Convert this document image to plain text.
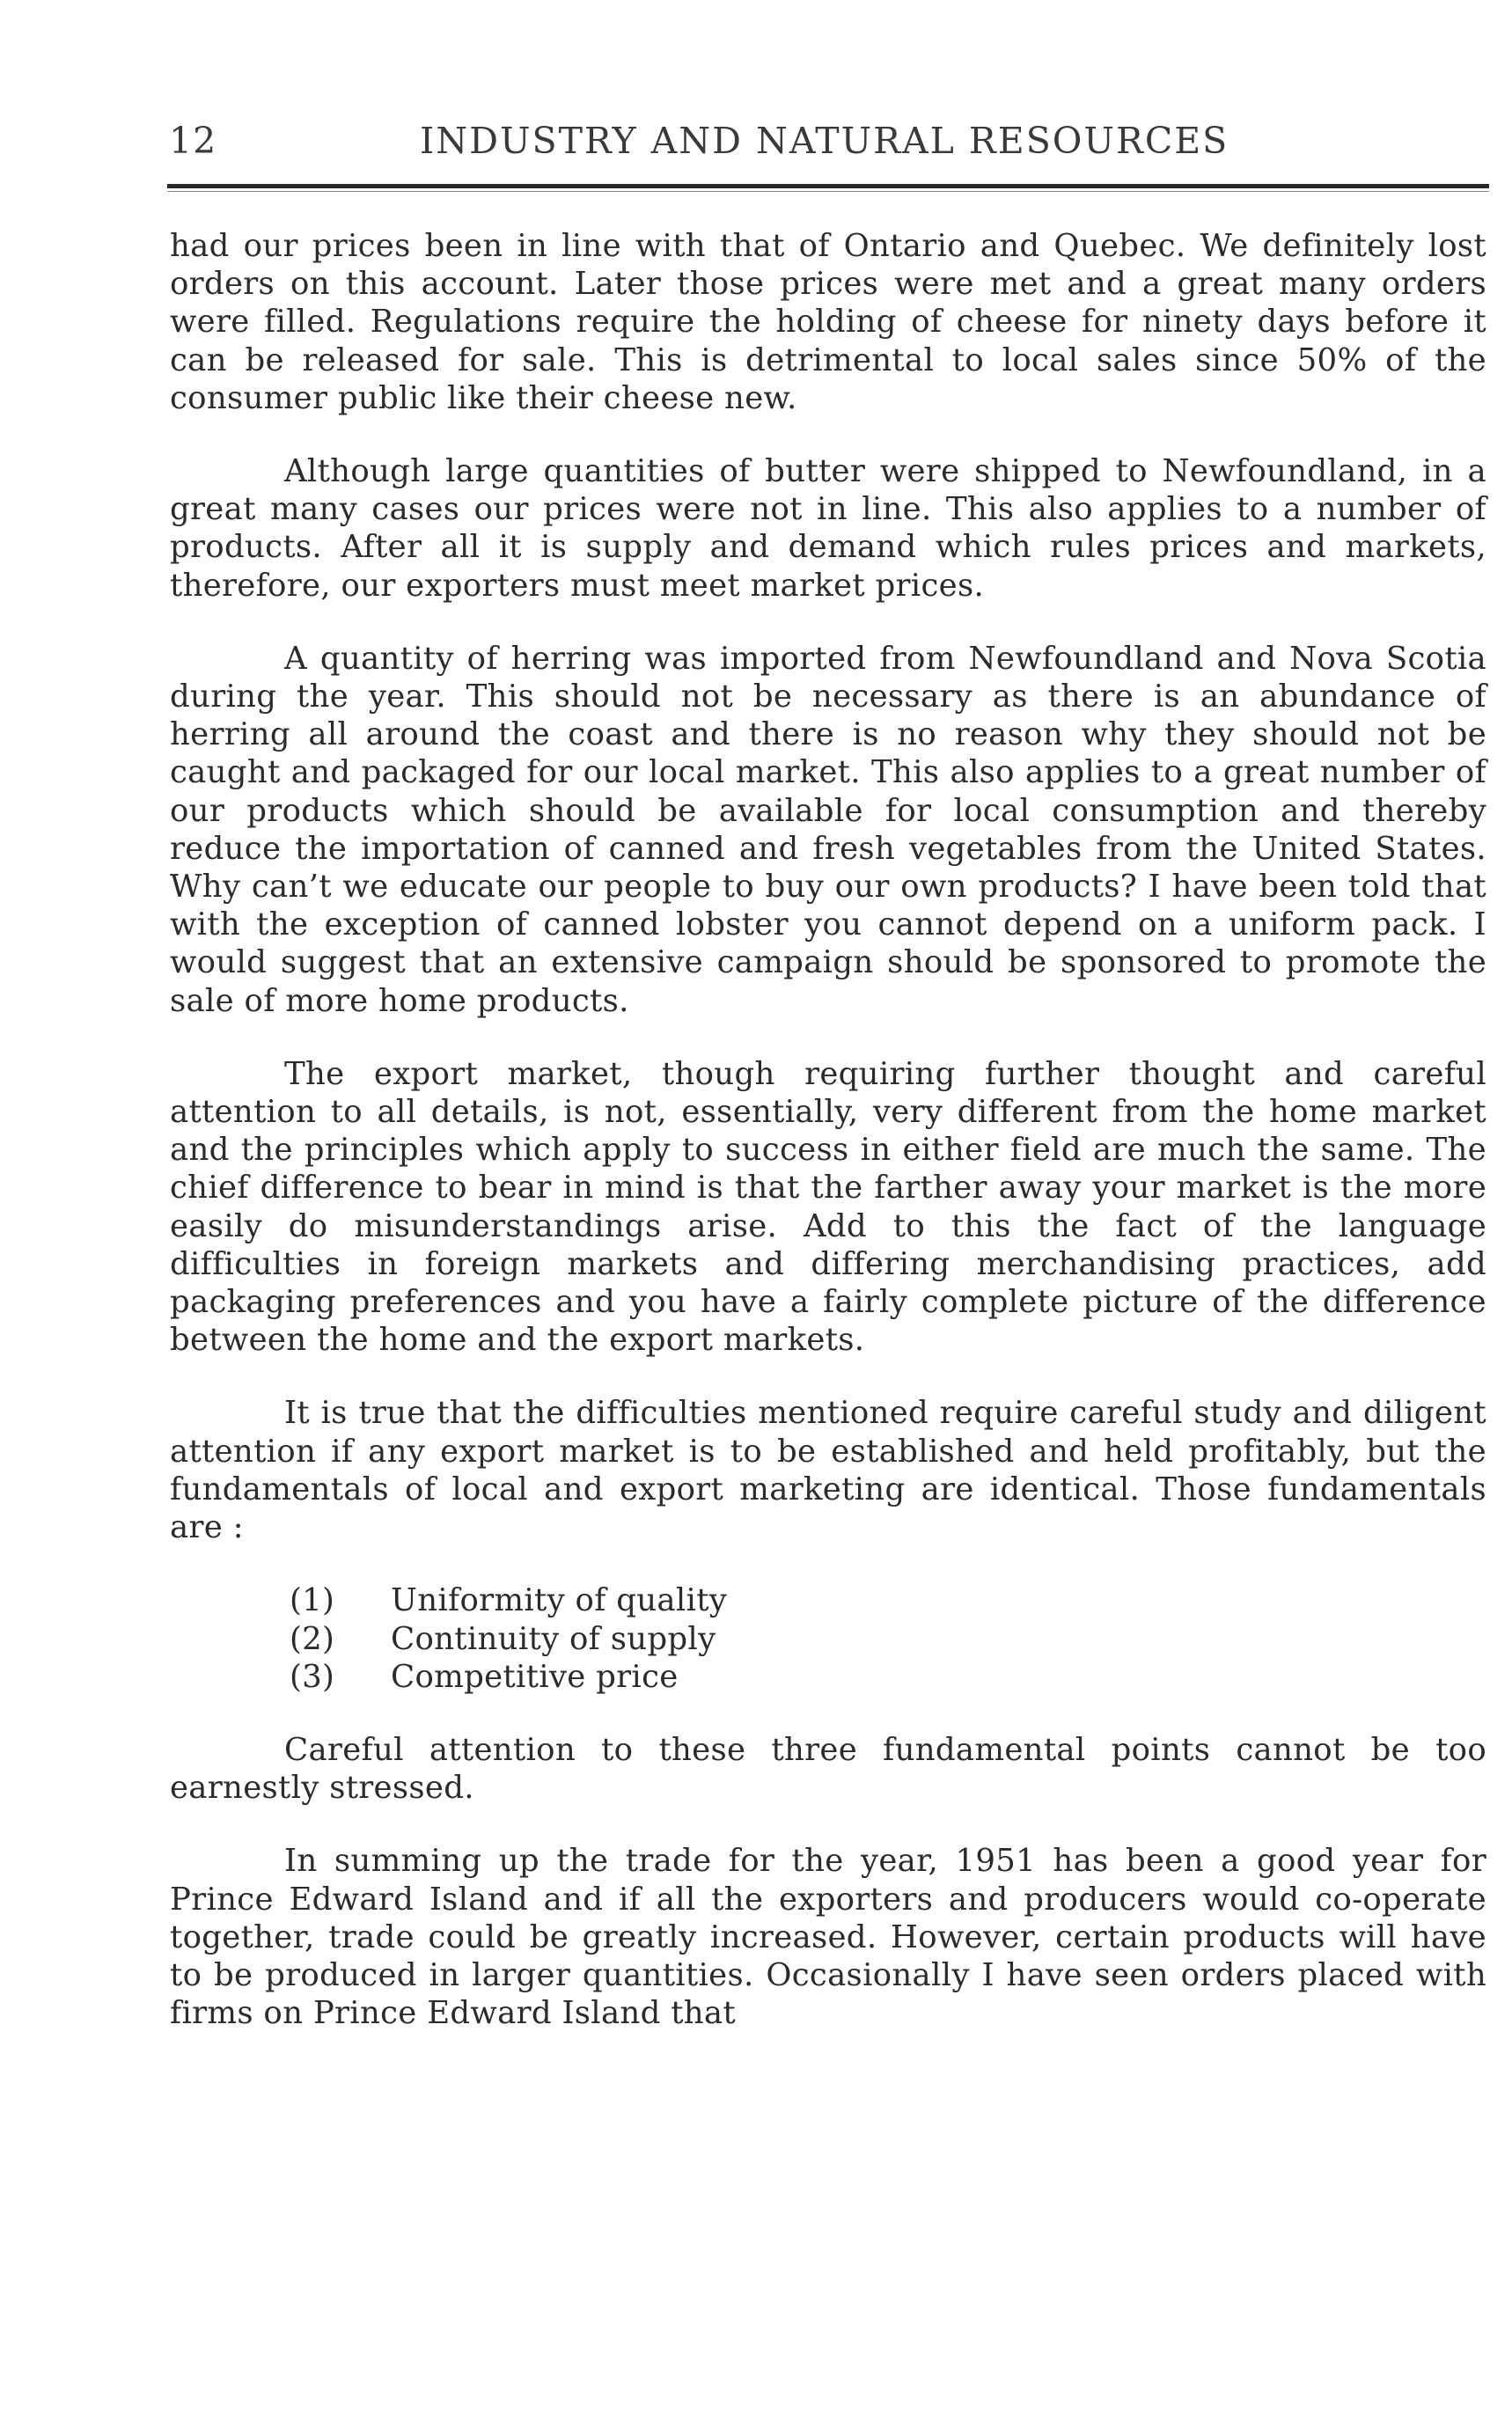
12	INDUSTRY AND NATURAL RESOURCES

had our prices been in line with that of Ontario and Quebec. We definitely lost orders on this account. Later those prices were met and a great many orders were filled. Regulations require the holding of cheese for ninety days before it can be released for sale. This is detrimental to local sales since 50% of the consumer public like their cheese new.

Although large quantities of butter were shipped to Newfoundland, in a great many cases our prices were not in line. This also applies to a number of products. After all it is supply and demand which rules prices and markets, therefore, our exporters must meet market prices.

A quantity of herring was imported from Newfoundland and Nova Scotia during the year. This should not be necessary as there is an abundance of herring all around the coast and there is no reason why they should not be caught and packaged for our local market. This also applies to a great number of our products which should be available for local consumption and thereby reduce the importation of canned and fresh vegetables from the United States. Why can’t we educate our people to buy our own products? I have been told that with the exception of canned lobster you cannot depend on a uniform pack. I would suggest that an extensive campaign should be sponsored to promote the sale of more home products.

The export market, though requiring further thought and careful attention to all details, is not, essentially, very different from the home market and the principles which apply to success in either field are much the same. The chief difference to bear in mind is that the farther away your market is the more easily do misunderstandings arise. Add to this the fact of the language difficulties in foreign markets and differing merchandising practices, add packaging preferences and you have a fairly complete picture of the difference between the home and the export markets.

It is true that the difficulties mentioned require careful study and diligent attention if any export market is to be established and held profitably, but the fundamentals of local and export marketing are identical. Those fundamentals are :

(1) Uniformity of quality
(2) Continuity of supply
(3) Competitive price

Careful attention to these three fundamental points cannot be too earnestly stressed.

In summing up the trade for the year, 1951 has been a good year for Prince Edward Island and if all the exporters and producers would co-operate together, trade could be greatly increased. However, certain products will have to be produced in larger quantities. Occasionally I have seen orders placed with firms on Prince Edward Island that
